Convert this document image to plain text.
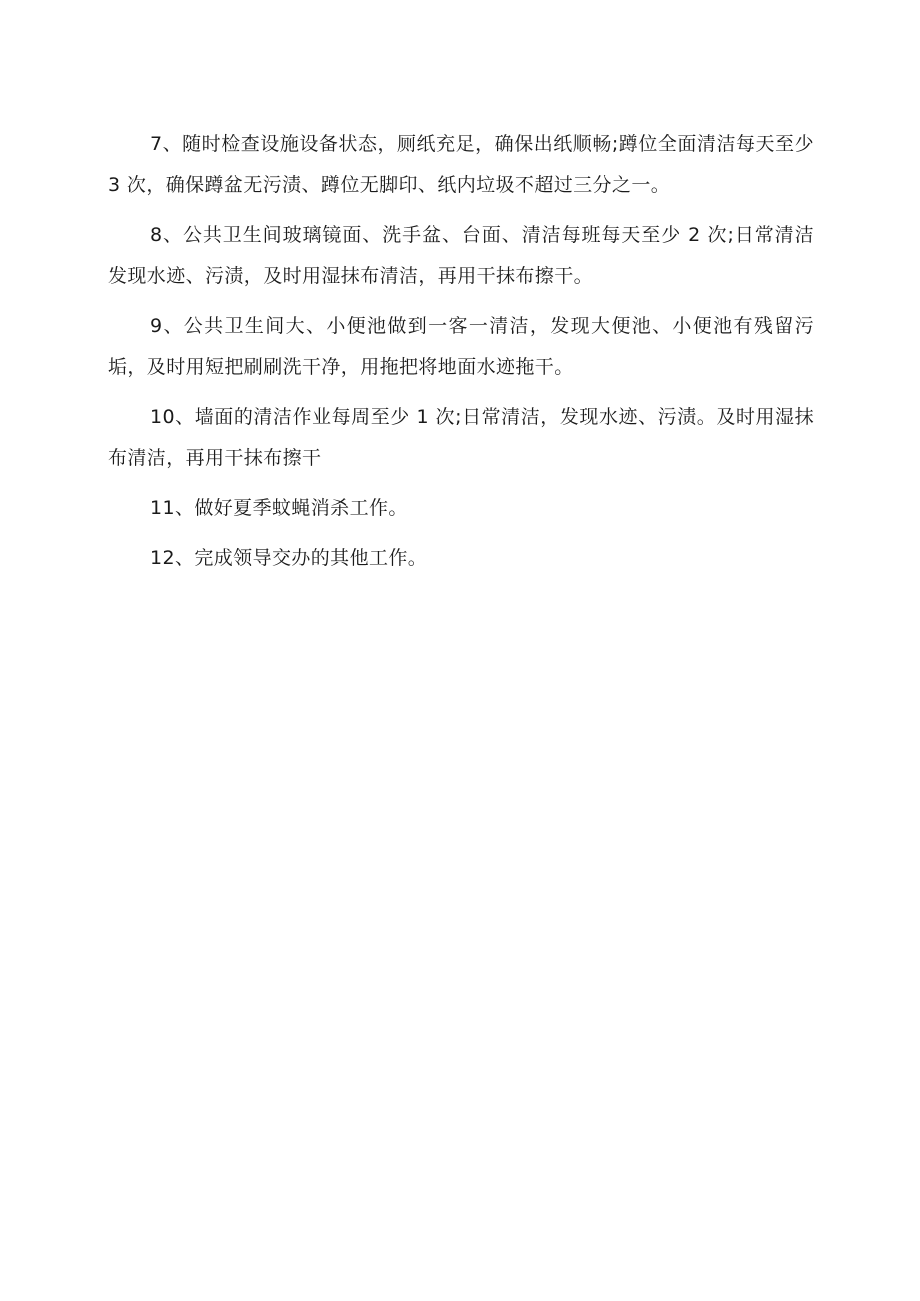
7、随时检查设施设备状态，厕纸充足，确保出纸顺畅;蹲位全面清洁每天至少 3 次，确保蹲盆无污渍、蹲位无脚印、纸内垃圾不超过三分之一。

8、公共卫生间玻璃镜面、洗手盆、台面、清洁每班每天至少 2 次;日常清洁发现水迹、污渍，及时用湿抹布清洁，再用干抹布擦干。

9、公共卫生间大、小便池做到一客一清洁，发现大便池、小便池有残留污垢，及时用短把刷刷洗干净，用拖把将地面水迹拖干。

10、墙面的清洁作业每周至少 1 次;日常清洁，发现水迹、污渍。及时用湿抹布清洁，再用干抹布擦干

11、做好夏季蚊蝇消杀工作。

12、完成领导交办的其他工作。
